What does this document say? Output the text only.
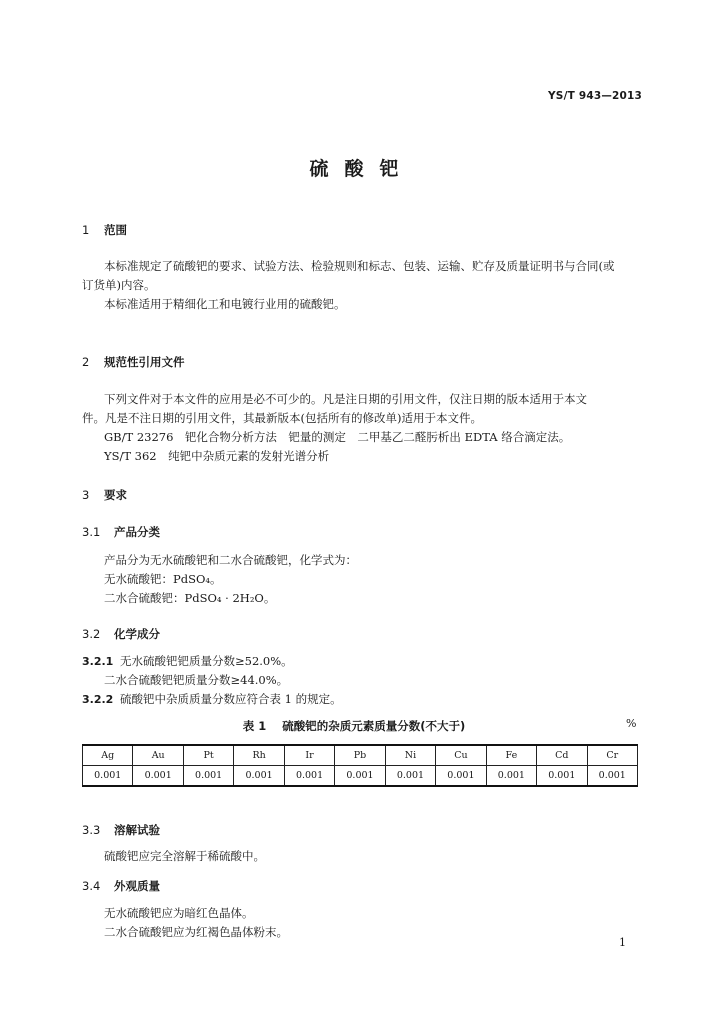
YS/T 943—2013
硫酸钯
1 范围
本标准规定了硫酸钯的要求、试验方法、检验规则和标志、包装、运输、贮存及质量证明书与合同(或
订货单)内容。
本标准适用于精细化工和电镀行业用的硫酸钯。
2 规范性引用文件
下列文件对于本文件的应用是必不可少的。凡是注日期的引用文件，仅注日期的版本适用于本文
件。凡是不注日期的引用文件，其最新版本(包括所有的修改单)适用于本文件。
GB/T 23276　钯化合物分析方法　钯量的测定　二甲基乙二醛肟析出 EDTA 络合滴定法。
YS/T 362　纯钯中杂质元素的发射光谱分析
3 要求
3.1 产品分类
产品分为无水硫酸钯和二水合硫酸钯，化学式为：
无水硫酸钯：PdSO₄。
二水合硫酸钯：PdSO₄ · 2H₂O。
3.2 化学成分
3.2.1 无水硫酸钯钯质量分数≥52.0%。
二水合硫酸钯钯质量分数≥44.0%。
3.2.2 硫酸钯中杂质质量分数应符合表 1 的规定。
表 1 硫酸钯的杂质元素质量分数(不大于)	%
Ag	Au	Pt	Rh	Ir	Pb	Ni	Cu	Fe	Cd	Cr
0.001	0.001	0.001	0.001	0.001	0.001	0.001	0.001	0.001	0.001	0.001
3.3 溶解试验
硫酸钯应完全溶解于稀硫酸中。
3.4 外观质量
无水硫酸钯应为暗红色晶体。
二水合硫酸钯应为红褐色晶体粉末。
1
